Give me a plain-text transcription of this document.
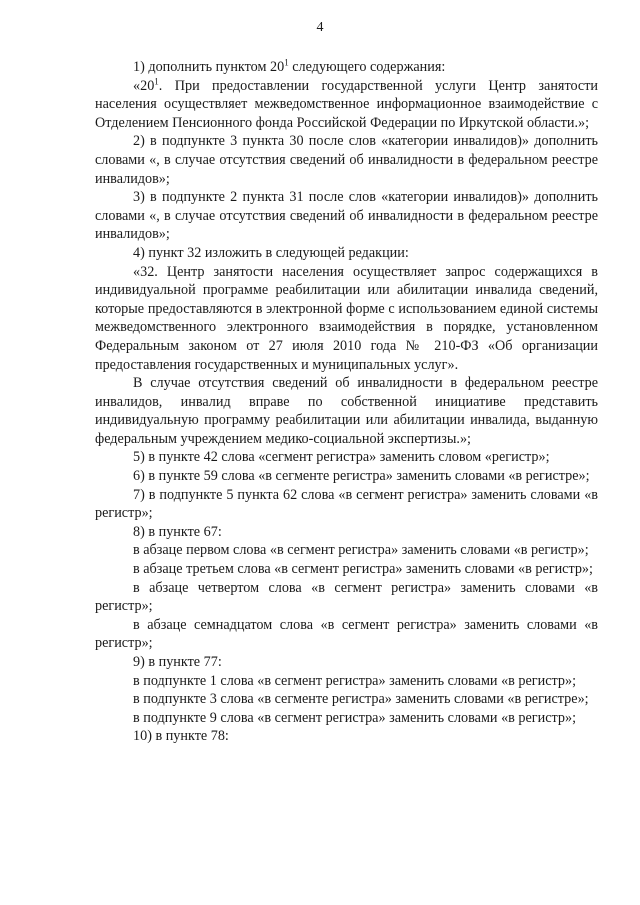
4

1) дополнить пунктом $20^1$ следующего содержания:

«$20^1$. При предоставлении государственной услуги Центр занятости населения осуществляет межведомственное информационное взаимодействие с Отделением Пенсионного фонда Российской Федерации по Иркутской области.»;

2) в подпункте 3 пункта 30 после слов «категории инвалидов)» дополнить словами «, в случае отсутствия сведений об инвалидности в федеральном реестре инвалидов»;

3) в подпункте 2 пункта 31 после слов «категории инвалидов)» дополнить словами «, в случае отсутствия сведений об инвалидности в федеральном реестре инвалидов»;

4) пункт 32 изложить в следующей редакции:

«32. Центр занятости населения осуществляет запрос содержащихся в индивидуальной программе реабилитации или абилитации инвалида сведений, которые предоставляются в электронной форме с использованием единой системы межведомственного электронного взаимодействия в порядке, установленном Федеральным законом от 27 июля 2010 года № 210-ФЗ «Об организации предоставления государственных и муниципальных услуг».

В случае отсутствия сведений об инвалидности в федеральном реестре инвалидов, инвалид вправе по собственной инициативе представить индивидуальную программу реабилитации или абилитации инвалида, выданную федеральным учреждением медико-социальной экспертизы.»;

5) в пункте 42 слова «сегмент регистра» заменить словом «регистр»;

6) в пункте 59 слова «в сегменте регистра» заменить словами «в регистре»;

7) в подпункте 5 пункта 62 слова «в сегмент регистра» заменить словами «в регистр»;

8) в пункте 67:

в абзаце первом слова «в сегмент регистра» заменить словами «в регистр»;

в абзаце третьем слова «в сегмент регистра» заменить словами «в регистр»;

в абзаце четвертом слова «в сегмент регистра» заменить словами «в регистр»;

в абзаце семнадцатом слова «в сегмент регистра» заменить словами «в регистр»;

9) в пункте 77:

в подпункте 1 слова «в сегмент регистра» заменить словами «в регистр»;

в подпункте 3 слова «в сегменте регистра» заменить словами «в регистре»;

в подпункте 9 слова «в сегмент регистра» заменить словами «в регистр»;

10) в пункте 78:
